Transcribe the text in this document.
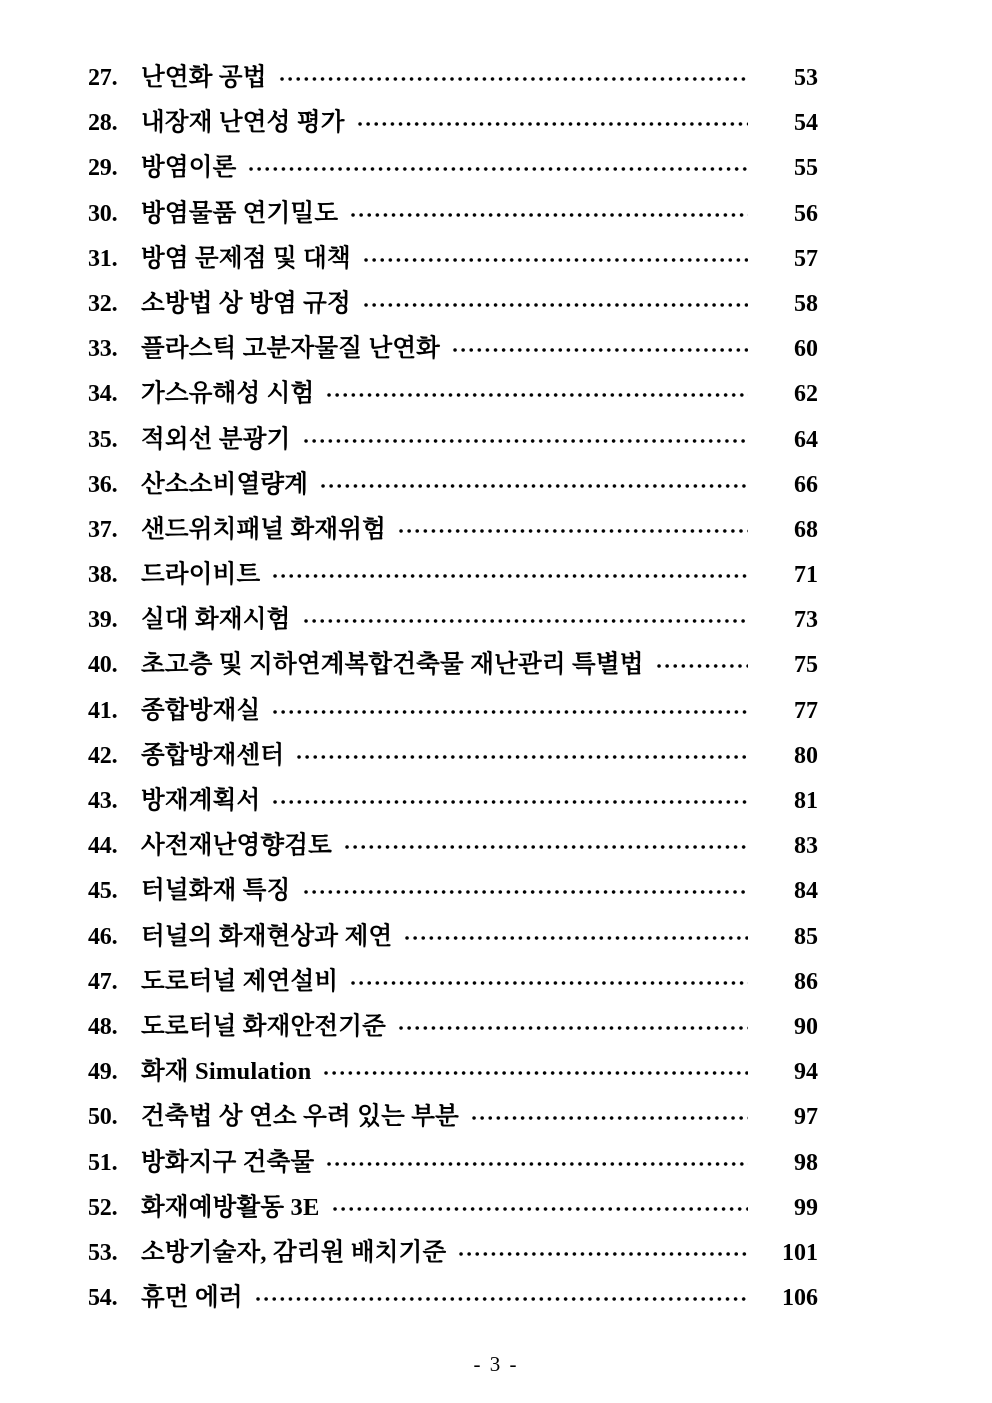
27. 난연화 공법	53
28. 내장재 난연성 평가	54
29. 방염이론	55
30. 방염물품 연기밀도	56
31. 방염 문제점 및 대책	57
32. 소방법 상 방염 규정	58
33. 플라스틱 고분자물질 난연화	60
34. 가스유해성 시험	62
35. 적외선 분광기	64
36. 산소소비열량계	66
37. 샌드위치패널 화재위험	68
38. 드라이비트	71
39. 실대 화재시험	73
40. 초고층 및 지하연계복합건축물 재난관리 특별법	75
41. 종합방재실	77
42. 종합방재센터	80
43. 방재계획서	81
44. 사전재난영향검토	83
45. 터널화재 특징	84
46. 터널의 화재현상과 제연	85
47. 도로터널 제연설비	86
48. 도로터널 화재안전기준	90
49. 화재 Simulation	94
50. 건축법 상 연소 우려 있는 부분	97
51. 방화지구 건축물	98
52. 화재예방활동 3E	99
53. 소방기술자, 감리원 배치기준	101
54. 휴먼 에러	106
- 3 -
